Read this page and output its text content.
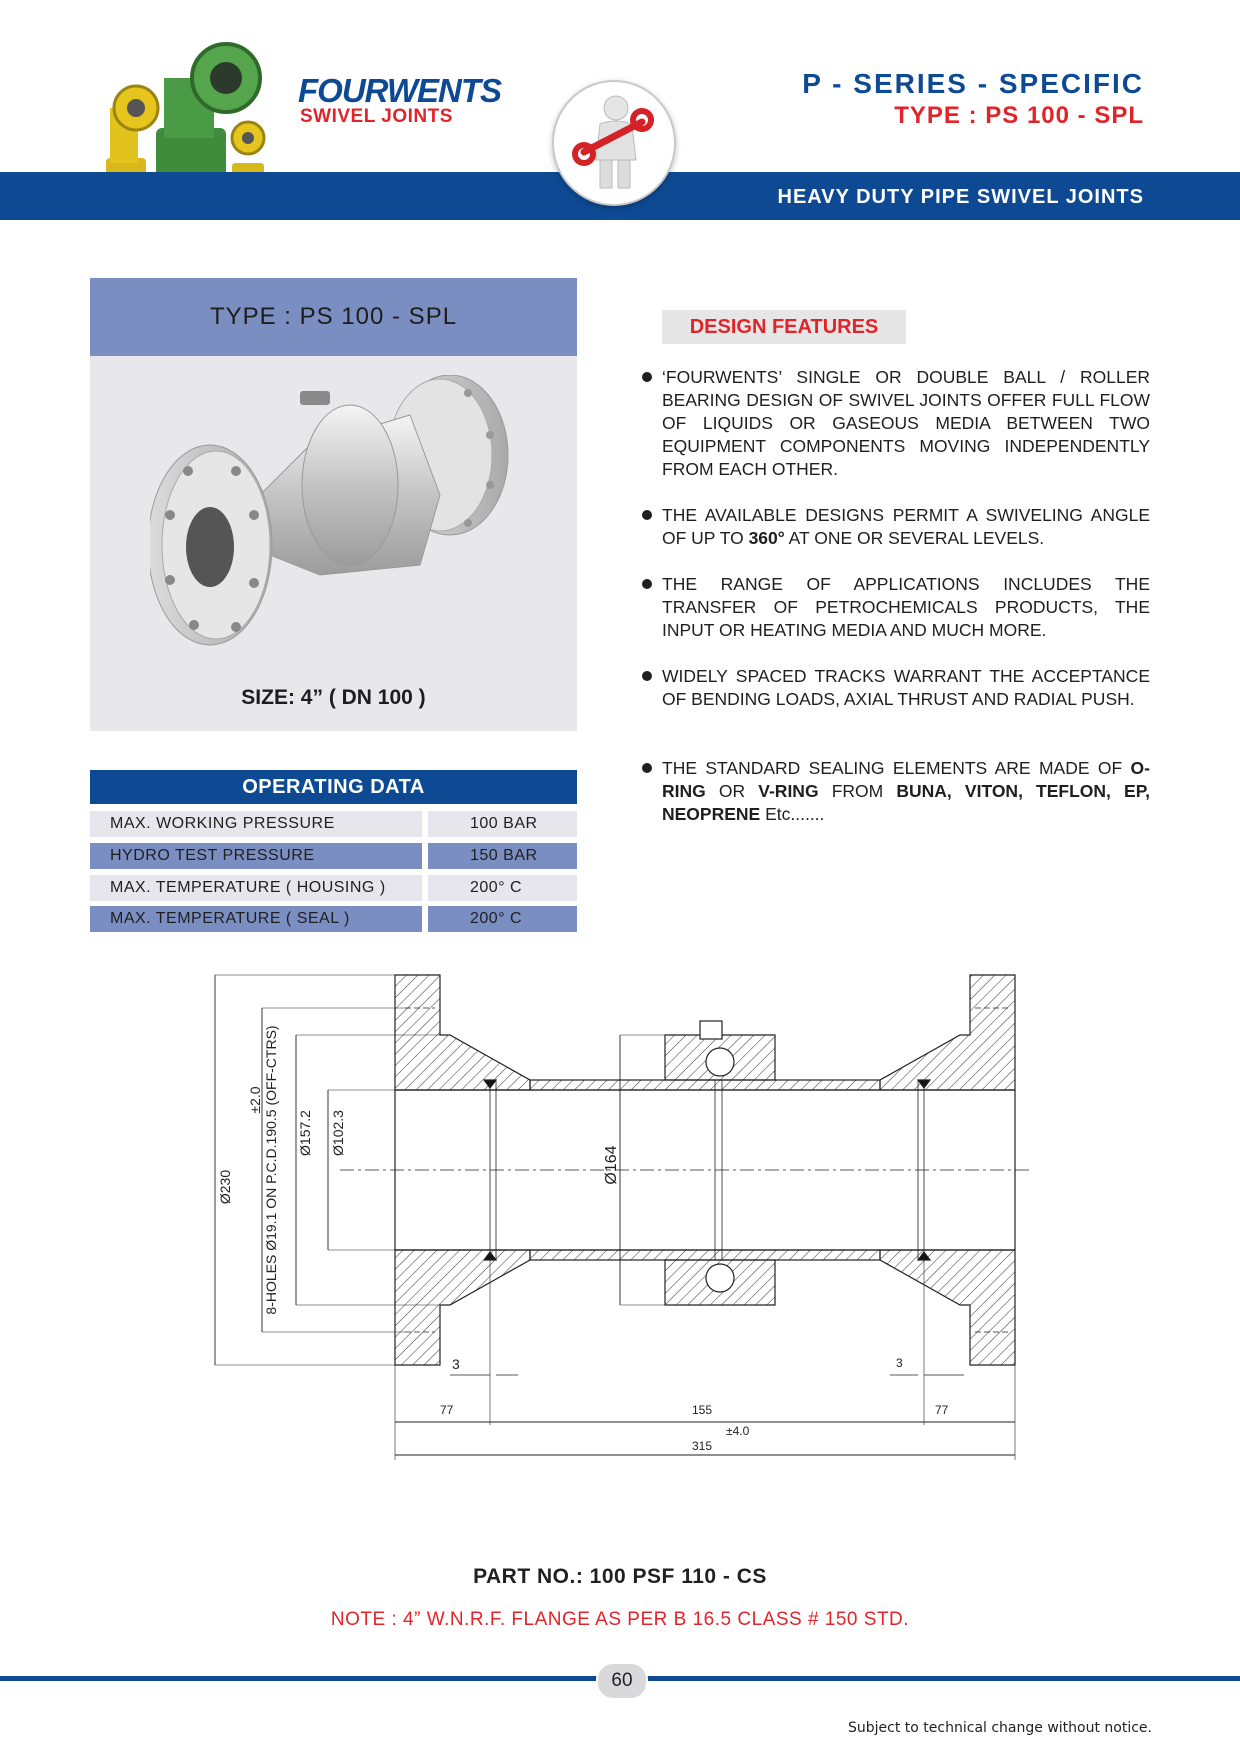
FOURWENTS
SWIVEL JOINTS
HEAVY DUTY PIPE SWIVEL JOINTS
P - SERIES - SPECIFIC
TYPE : PS 100 - SPL
TYPE : PS 100 - SPL
SIZE: 4” ( DN 100 )
OPERATING DATA
MAX. WORKING PRESSURE	100 BAR
HYDRO TEST PRESSURE	150 BAR
MAX. TEMPERATURE ( HOUSING )	200° C
MAX. TEMPERATURE ( SEAL )	200° C
DESIGN FEATURES
‘FOURWENTS’ SINGLE OR DOUBLE BALL / ROLLER BEARING DESIGN OF SWIVEL JOINTS OFFER FULL FLOW OF LIQUIDS OR GASEOUS MEDIA BETWEEN TWO EQUIPMENT COMPONENTS MOVING INDEPENDENTLY FROM EACH OTHER.
THE AVAILABLE DESIGNS PERMIT A SWIVELING ANGLE OF UP TO 360° AT ONE OR SEVERAL LEVELS.
THE RANGE OF APPLICATIONS INCLUDES THE TRANSFER OF PETROCHEMICALS PRODUCTS, THE INPUT OR HEATING MEDIA AND MUCH MORE.
WIDELY SPACED TRACKS WARRANT THE ACCEPTANCE OF BENDING LOADS, AXIAL THRUST AND RADIAL PUSH.
THE STANDARD SEALING ELEMENTS ARE MADE OF O-RING OR V-RING FROM BUNA, VITON, TEFLON, EP, NEOPRENE Etc.......
Ø230
±2.0 8-HOLES Ø19.1 ON P.C.D.190.5 (OFF-CTRS) Ø157.2 Ø102.3
Ø164
3	3
77	155	77
±4.0
315
PART NO.: 100 PSF 110 - CS
NOTE : 4” W.N.R.F. FLANGE AS PER B 16.5 CLASS # 150 STD.
60
Subject to technical change without notice.
